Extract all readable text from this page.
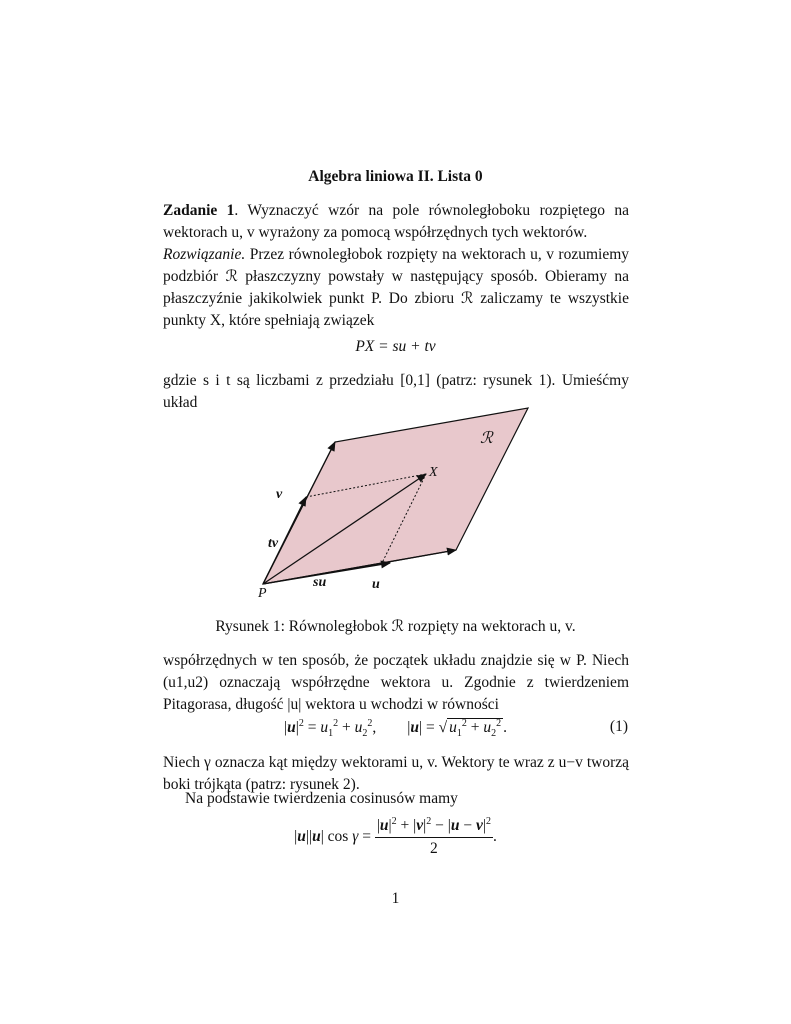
Algebra liniowa II. Lista 0
Zadanie 1. Wyznaczyć wzór na pole równoległoboku rozpiętego na wektorach u, v wyrażony za pomocą współrzędnych tych wektorów.
Rozwiązanie. Przez równoległobok rozpięty na wektorach u, v rozumiemy podzbiór ℛ płaszczyzny powstały w następujący sposób. Obieramy na płaszczyźnie jakikolwiek punkt P. Do zbioru ℛ zaliczamy te wszystkie punkty X, które spełniają związek
PX = su + tv
gdzie s i t są liczbami z przedziału [0,1] (patrz: rysunek 1). Umieśćmy układ
ℛ
X
v
tv
P
su	u
Rysunek 1: Równoległobok ℛ rozpięty na wektorach u, v.
współrzędnych w ten sposób, że początek układu znajdzie się w P. Niech (u1,u2) oznaczają współrzędne wektora u. Zgodnie z twierdzeniem Pitagorasa, długość |u| wektora u wchodzi w równości
$|u|^2 = u_1^2 + u_2^2$,        |u| = √ $u_1^2 + u_2^2$ .	(1)
Niech γ oznacza kąt między wektorami u, v. Wektory te wraz z u−v tworzą boki trójkąta (patrz: rysunek 2).
Na podstawie twierdzenia cosinusów mamy
|u||u| $\cos \gamma = \frac{|u|^2 + |v|^2 - |u - v|^2}{2}$ .
1
